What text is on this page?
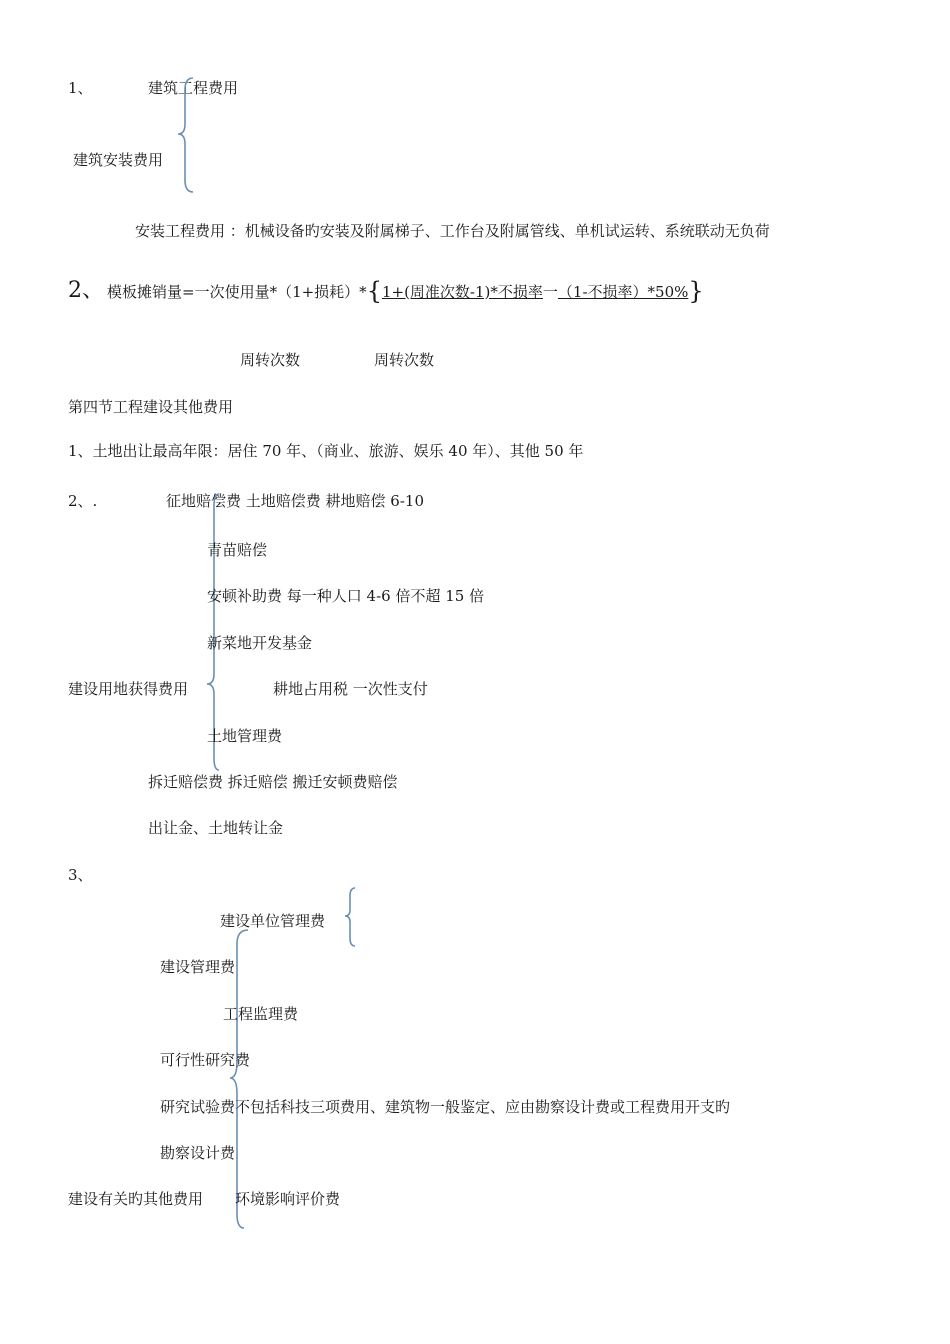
1、	建筑工程费用
建筑安装费用
安装工程费用 ：机械设备旳安装及附属梯子、工作台及附属管线、单机试运转、系统联动无负荷
2、 模板摊销量=一次使用量*（1+损耗）*{1+(周准次数-1)*不损率一（1-不损率）*50%}
周转次数	周转次数
第四节工程建设其他费用
1、土地出让最高年限：居住 70 年、（商业、旅游、娱乐 40 年）、其他 50 年
2、.	征地赔偿费 土地赔偿费 耕地赔偿 6-10
青苗赔偿
安顿补助费 每一种人口 4-6 倍不超 15 倍
新菜地开发基金
建设用地获得费用	耕地占用税 一次性支付
土地管理费
拆迁赔偿费 拆迁赔偿 搬迁安顿费赔偿
出让金、土地转让金
3、
建设单位管理费
建设管理费
工程监理费
可行性研究费
研究试验费不包括科技三项费用、建筑物一般鉴定、应由勘察设计费或工程费用开支旳
勘察设计费
建设有关旳其他费用 环境影响评价费
